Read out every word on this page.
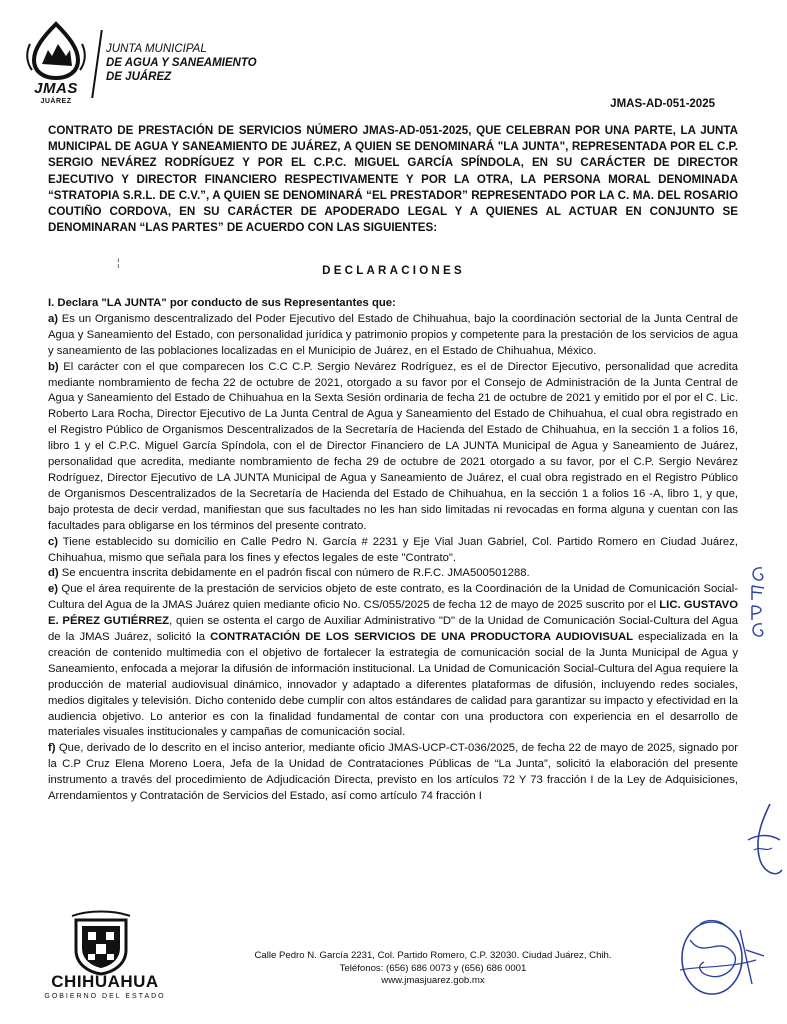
JMAS
JUÁREZ
JUNTA MUNICIPAL
DE AGUA Y SANEAMIENTO
DE JUÁREZ
JMAS-AD-051-2025
CONTRATO DE PRESTACIÓN DE SERVICIOS NÚMERO JMAS-AD-051-2025, QUE CELEBRAN POR UNA PARTE, LA JUNTA MUNICIPAL DE AGUA Y SANEAMIENTO DE JUÁREZ, A QUIEN SE DENOMINARÁ "LA JUNTA", REPRESENTADA POR EL C.P. SERGIO NEVÁREZ RODRÍGUEZ Y POR EL C.P.C. MIGUEL GARCÍA SPÍNDOLA, EN SU CARÁCTER DE DIRECTOR EJECUTIVO Y DIRECTOR FINANCIERO RESPECTIVAMENTE Y POR LA OTRA, LA PERSONA MORAL DENOMINADA “STRATOPIA S.R.L. DE C.V.”, A QUIEN SE DENOMINARÁ “EL PRESTADOR” REPRESENTADO POR LA C. MA. DEL ROSARIO COUTIÑO CORDOVA, EN SU CARÁCTER DE APODERADO LEGAL Y A QUIENES AL ACTUAR EN CONJUNTO SE DENOMINARAN “LAS PARTES” DE ACUERDO CON LAS SIGUIENTES:
¦
DECLARACIONES

I. Declara "LA JUNTA" por conducto de sus Representantes que:

a) Es un Organismo descentralizado del Poder Ejecutivo del Estado de Chihuahua, bajo la coordinación sectorial de la Junta Central de Agua y Saneamiento del Estado, con personalidad jurídica y patrimonio propios y competente para la prestación de los servicios de agua y saneamiento de las poblaciones localizadas en el Municipio de Juárez, en el Estado de Chihuahua, México.

b) El carácter con el que comparecen los C.C C.P. Sergio Nevárez Rodríguez, es el de Director Ejecutivo, personalidad que acredita mediante nombramiento de fecha 22 de octubre de 2021, otorgado a su favor por el Consejo de Administración de la Junta Central de Agua y Saneamiento del Estado de Chihuahua en la Sexta Sesión ordinaria de fecha 21 de octubre de 2021 y emitido por el por el C. Lic. Roberto Lara Rocha, Director Ejecutivo de La Junta Central de Agua y Saneamiento del Estado de Chihuahua, el cual obra registrado en el Registro Público de Organismos Descentralizados de la Secretaría de Hacienda del Estado de Chihuahua, en la sección 1 a folios 16, libro 1 y el C.P.C. Miguel García Spíndola, con el de Director Financiero de LA JUNTA Municipal de Agua y Saneamiento de Juárez, personalidad que acredita, mediante nombramiento de fecha 29 de octubre de 2021 otorgado a su favor, por el C.P. Sergio Nevárez Rodríguez, Director Ejecutivo de LA JUNTA Municipal de Agua y Saneamiento de Juárez, el cual obra registrado en el Registro Público de Organismos Descentralizados de la Secretaría de Hacienda del Estado de Chihuahua, en la sección 1 a folios 16 -A, libro 1, y que, bajo protesta de decir verdad, manifiestan que sus facultades no les han sido limitadas ni revocadas en forma alguna y cuentan con las facultades para obligarse en los términos del presente contrato.

c) Tiene establecido su domicilio en Calle Pedro N. García # 2231 y Eje Vial Juan Gabriel, Col. Partido Romero en Ciudad Juárez, Chihuahua, mismo que señala para los fines y efectos legales de este "Contrato".

d) Se encuentra inscrita debidamente en el padrón fiscal con número de R.F.C. JMA500501288.

e) Que el área requirente de la prestación de servicios objeto de este contrato, es la Coordinación de la Unidad de Comunicación Social-Cultura del Agua de la JMAS Juárez quien mediante oficio No. CS/055/2025 de fecha 12 de mayo de 2025 suscrito por el LIC. GUSTAVO E. PÉREZ GUTIÉRREZ, quien se ostenta el cargo de Auxiliar Administrativo "D" de la Unidad de Comunicación Social-Cultura del Agua de la JMAS Juárez, solicitó la CONTRATACIÓN DE LOS SERVICIOS DE UNA PRODUCTORA AUDIOVISUAL especializada en la creación de contenido multimedia con el objetivo de fortalecer la estrategia de comunicación social de la Junta Municipal de Agua y Saneamiento, enfocada a mejorar la difusión de información institucional. La Unidad de Comunicación Social-Cultura del Agua requiere la producción de material audiovisual dinámico, innovador y adaptado a diferentes plataformas de difusión, incluyendo redes sociales, medios digitales y televisión. Dicho contenido debe cumplir con altos estándares de calidad para garantizar su impacto y efectividad en la audiencia objetivo. Lo anterior es con la finalidad fundamental de contar con una productora con experiencia en el desarrollo de materiales visuales institucionales y campañas de comunicación social.

f) Que, derivado de lo descrito en el inciso anterior, mediante oficio JMAS-UCP-CT-036/2025, de fecha 22 de mayo de 2025, signado por la C.P Cruz Elena Moreno Loera, Jefa de la Unidad de Contrataciones Públicas de “La Junta”, solicitó la elaboración del presente instrumento a través del procedimiento de Adjudicación Directa, previsto en los artículos 72 Y 73 fracción I de la Ley de Adquisiciones, Arrendamientos y Contratación de Servicios del Estado, así como artículo 74 fracción I

CHIHUAHUA
GOBIERNO DEL ESTADO
Calle Pedro N. García 2231, Col. Partido Romero, C.P. 32030. Ciudad Juárez, Chih.
Teléfonos: (656) 686 0073 y (656) 686 0001
www.jmasjuarez.gob.mx
